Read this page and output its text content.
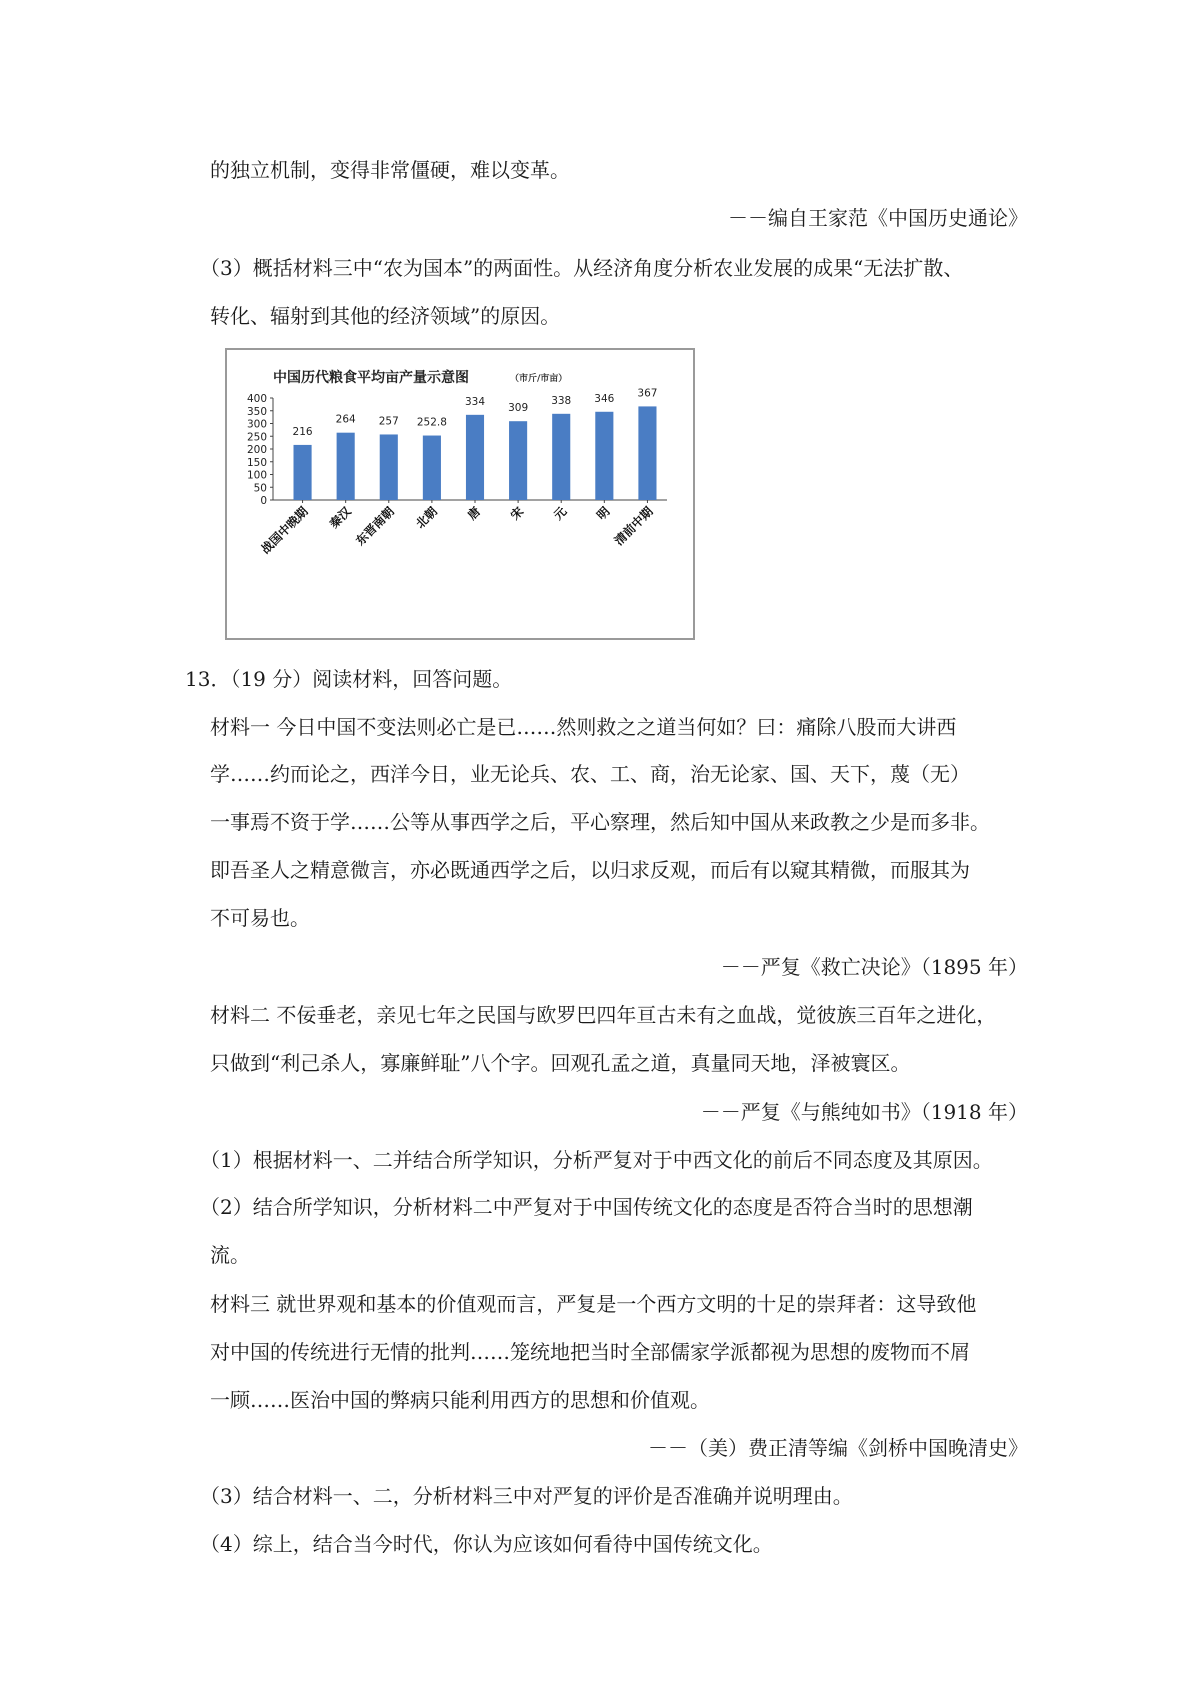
的独立机制，变得非常僵硬，难以变革。
－－编自王家范《中国历史通论》
（3）概括材料三中“农为国本”的两面性。从经济角度分析农业发展的成果“无法扩散、
转化、辐射到其他的经济领域”的原因。
中国历代粮食平均亩产量示意图	（市斤/市亩）
0
50
100
150
200
250
300
350
400
战国中晚期 秦汉 东晋南朝 北朝 唐 宋 元 明 清前中期
216
264 257 252.8
334
309
338 346 367
13．（19 分）阅读材料，回答问题。
材料一 今日中国不变法则必亡是已……然则救之之道当何如？曰：痛除八股而大讲西
学……约而论之，西洋今日，业无论兵、农、工、商，治无论家、国、天下，蔑（无）
一事焉不资于学……公等从事西学之后，平心察理，然后知中国从来政教之少是而多非。
即吾圣人之精意微言，亦必既通西学之后，以归求反观，而后有以窥其精微，而服其为
不可易也。
－－严复《救亡决论》（1895 年）
材料二 不佞垂老，亲见七年之民国与欧罗巴四年亘古未有之血战，觉彼族三百年之进化，
只做到“利己杀人，寡廉鲜耻”八个字。回观孔孟之道，真量同天地，泽被寰区。
－－严复《与熊纯如书》（1918 年）
（1）根据材料一、二并结合所学知识，分析严复对于中西文化的前后不同态度及其原因。
（2）结合所学知识，分析材料二中严复对于中国传统文化的态度是否符合当时的思想潮
流。
材料三 就世界观和基本的价值观而言，严复是一个西方文明的十足的崇拜者：这导致他
对中国的传统进行无情的批判……笼统地把当时全部儒家学派都视为思想的废物而不屑
一顾……医治中国的弊病只能利用西方的思想和价值观。
－－（美）费正清等编《剑桥中国晚清史》
（3）结合材料一、二，分析材料三中对严复的评价是否准确并说明理由。
（4）综上，结合当今时代，你认为应该如何看待中国传统文化。
